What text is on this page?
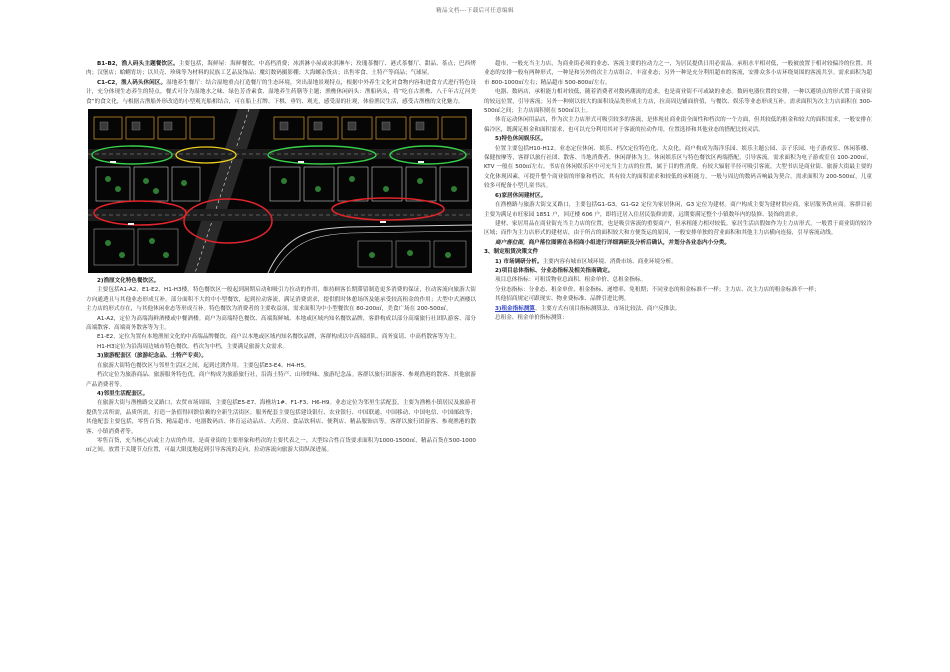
精品文档---下载后可任意编辑

B1-B2，渔人码头主题餐饮区。主要包括，海鲜屋：海鲜餐饮、中高档消费；冰淇淋小屋或冰淇淋车；玫瑰茶餐厅、港式茶餐厅、甜品、茶点；巴西烤肉；汉堡店；蛤蜊宵坊；以贝壳、珍珠等为材料的民族工艺品及饰品；魔幻数码摄影棚；大海螺杂货店；出售零食、土特产等商品；气球屋。

C1-C2，渔人码头休闲区。湿地养生餐厅：结合湿地重点打造餐厅的生态环境，突出湿地景观特点，根据中外养生文化对食物内容和进食方式进行特色设计，充分体现生态养生的特点，餐式可分为湿地水之味、绿色芳香素食、湿地养生药膳等主题；渔樵休闲码头：渔船码头，将“吃在古渔樵、八千年古辽河美食”的食文化，与根据古渔船外形改造的小型观光船相结合，可在船上打牌、下棋、垂钓、观光，感受湿的壮观，体验渔民生活，感受古渔樵的文化魅力。

2)渔厘文化特色餐饮区。

主要包括A1-A2、E1-E2、H1-H3楼。特色餐饮区一般起到洞期启动和吸引力拉动的作用，维持顾客长期滞留制造更多消费的保证，拉动客流向旅游大街方向通透且与其他业态形成互补。部分面积不大的中小型餐饮，起到拉动客流，满足消费需求，提供假时休憩场所及能承受较高租金的作用；大型中式酒楼以主力店的形式存在，与其他休闲业态等形成互补。特色餐饮为消费者的主要收益项，需求面积为中小型餐饮在 80-200㎡，美食广场在 200-500㎡。

A1-A2，定位为高端海鲜酒楼或中餐酒楼。商户为高端特色餐饮、高端海鲜城、本地或区域内知名餐饮品牌，客群构成以部分高端旅行社团队游客、部分高端散客、高端商务散客等为主。

E1-E2，定位为置有本地渔厘文化的中高端品牌餐饮。商户以本地或区域内知名餐饮品牌，客群构成以中高端团队、商务宴请、中高档散客等为主。

H1-H3定位为沿海周边城市特色餐饮。档次为中档，主要满足旅游大众需求。

3)旅游配套区（旅游纪念品、土特产专卖）。

在旅游大街特色餐饮区与邻里生活区之间，起到过渡作用。主要包括E3-E4、H4-H5。

档次定位为旅游商品、旅游服务特色优，商户构成为旅游旅行社，沿海土特产、山珍野味、旅游纪念品。客群以旅行团游客、参观渔港的散客、其他旅游产品消费者等。

4)邻里生活配套区。

在旅游大街与渔樵路交叉路口，农贸市场周围，主要包括E5-E7、海樵坊1#、F1-F3、H6-H9。业态定位为邻里生活配套，主要为渔樵小镇居民及旅游者提供生活所需，品质所需，打造一条值得回馈信赖的全新生活街区。服务配套主要包括建设银行、农业银行、中国联通、中国移动、中国电信、中国邮政等；其他配套主要包括，零售百货、精品超市、电器数码店、体育运动品店、大药房、食品饮料店、便利店、精品服饰店等。客群以旅行团游客、参观渔港的散客、小镇消费者等。

零售百货，充当核心店或主力店的作用，是商业街的主要形象和档次的主要代表之一。大型综合性百货要求面积为1000-1500㎡，精品百货在500-1000㎡之间。放置于关键节点位置，可最大限度地起到引导客流的走向，拉动客流向旅游大街纵深进展。

超市，一般充当主力店，为商业街必须的业态、客流主要的拉动力之一，为居民提供日用必需品。承租水平相对低，一般被放置于相对较偏冷的位置。其业态的安排一般有两种形式，一种是和另外的次主力店组合，丰富业态；另外一种是充分利用超市的客流，安排众多小店环绕周围的客流共享。需求面积为超市 800-1000㎡左右；精品超市 500-800㎡左右。

电器、数码店，承租能力相对较低，随着消费者对数码潮流的追求，也是商业街不可或缺的业态。数码电器位置的安排，一种以避填点的形式置于商业街的较远位置，引导客流；另外一种则以较大的面积设品类形成主力店，拉高周边铺面价值，与餐饮、娱乐等业态形成互补。需求面积为次主力店面积在 300-500㎡之间；主力店面积则在 500㎡以上。

体育运动休闲用品店，作为次主力店形式可吸引较多的客流，是体现社商业街全面性和档次的一个方面，但其较低的租金和较大的面积需求，一般安排在偏冷区，既满足租金和面积需求，也可以充分利用其对于客流的拉动作用，位置选择和其他业态的搭配比较灵活。

5)特色休闲娱乐区。

位置主要包括H10-H12。业态定位休闲、娱乐、档次定位特色化、大众化。商户构成为海洋乐园、娱乐主题公园、亲子乐园、电子游戏室、休闲茶楼、保健按摩等，客群以旅行社团、散客、当地消费者、休闲群体为主。休闲娱乐区与特色餐饮区两端搭配，引导客流。需求面积为电子游戏室在 100-200㎡，KTV 一般在 500㎡左右。书店在休闲娱乐区中可充当主力店的位置，属于目的性消费，有较大辐射半径可吸引客流，大型书店是商业街、旅游大街最主要的文化体现因素，可提升整个商业街的形象和档次。其有较大的面积需求和较低的承租能力，一般与周边的数码音响最为契合。需求面积为 200-500㎡，儿童较多可配备小型儿童书店。

6)家居休闲建材区。

在渔樵路与旅游大街交叉路口，主要包括G1-G3。G1-G2 定位为家居休闲，G3 定位为建材。商户构成主要为建材供应商，家居服务供应商。客群目前主要为满足市旺家园 1851 户，回迁楼 606 户，即将迁居入住居民装修需要，远期要满足整个小镇数年内的装修、装饰的需求。

建材、家居用品在商业街充当主力店的位置，也是吸引客流的重要商户，但承租能力相对较低。家居生活店假如作为主力店形式，一般置于商业街的较冷区域；而作为主力店形式的建材店，由于所占的面积较大和方便货运的原因，一般安排单独的营业面积和其他主力店横向连接，引导客流动线。

商户落位图，商户落位图需在各招商小组进行详细调研及分析后确认，并划分各业态内小分类。

3、制定租赁决策文件

1) 市场调研分析。主要内容有城市区域环境、消费市场、商业环境分析。

2)项目总体指标、分业态指标及相关指南确定。

项目总体指标：可租赁物业总面积、租金单价、总租金指标。

分业态指标：分业态、租金单价、租金指标、递增率、免租期；不同业态的租金标准不一样；主力店、次主力店的租金标准不一样；

其他招商规定可跟现实、物业费标准、品牌引进比例。

3)租金指标测算。主要方式有项目指标测算法、市场比较法、商户反推法。

总租金、租金单价指标测算：
